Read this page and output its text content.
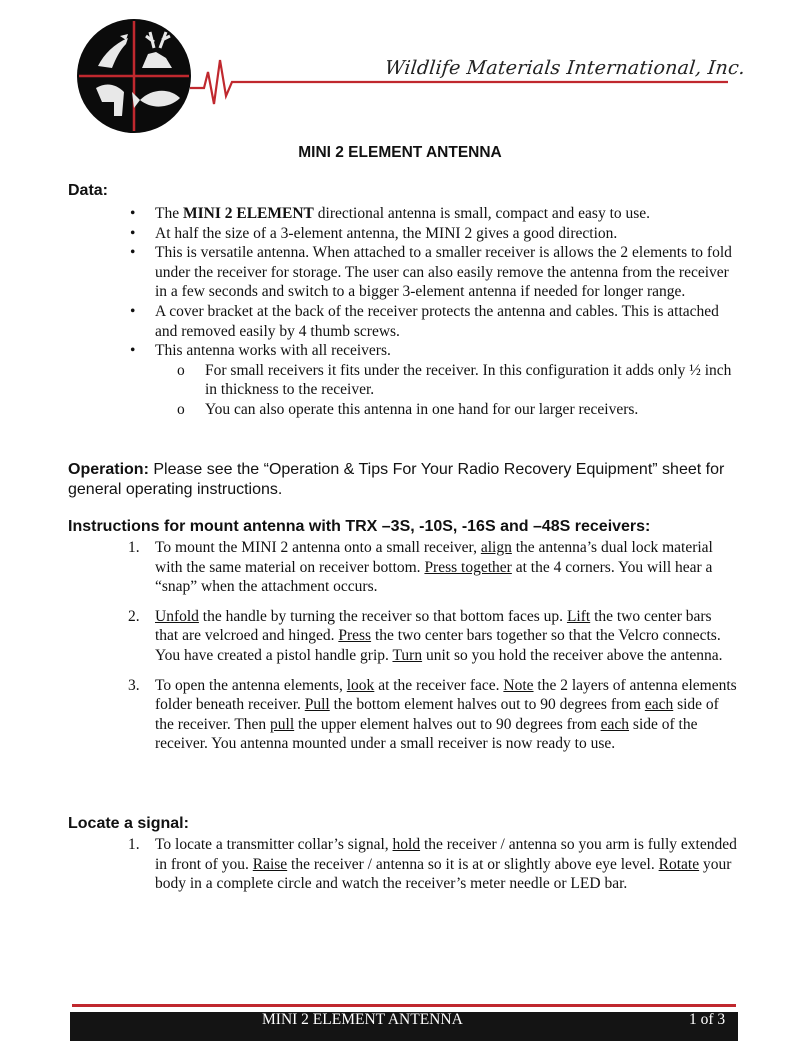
Wildlife Materials International, Inc.
MINI 2 ELEMENT ANTENNA
Data:
• The MINI 2 ELEMENT directional antenna is small, compact and easy to use.
• At half the size of a 3-element antenna, the MINI 2 gives a good direction.
• This is versatile antenna. When attached to a smaller receiver is allows the 2 elements to fold under the receiver for storage. The user can also easily remove the antenna from the receiver in a few seconds and switch to a bigger 3-element antenna if needed for longer range.
• A cover bracket at the back of the receiver protects the antenna and cables. This is attached and removed easily by 4 thumb screws.
• This antenna works with all receivers.
o For small receivers it fits under the receiver. In this configuration it adds only ½ inch in thickness to the receiver.
o You can also operate this antenna in one hand for our larger receivers.
Operation: Please see the “Operation & Tips For Your Radio Recovery Equipment” sheet for general operating instructions.
Instructions for mount antenna with TRX –3S, -10S, -16S and –48S receivers:
1. To mount the MINI 2 antenna onto a small receiver, align the antenna’s dual lock material with the same material on receiver bottom. Press together at the 4 corners. You will hear a “snap” when the attachment occurs.
2. Unfold the handle by turning the receiver so that bottom faces up. Lift the two center bars that are velcroed and hinged. Press the two center bars together so that the Velcro connects. You have created a pistol handle grip. Turn unit so you hold the receiver above the antenna.
3. To open the antenna elements, look at the receiver face. Note the 2 layers of antenna elements folder beneath receiver. Pull the bottom element halves out to 90 degrees from each side of the receiver. Then pull the upper element halves out to 90 degrees from each side of the receiver. You antenna mounted under a small receiver is now ready to use.
Locate a signal:
1. To locate a transmitter collar’s signal, hold the receiver / antenna so you arm is fully extended in front of you. Raise the receiver / antenna so it is at or slightly above eye level. Rotate your body in a complete circle and watch the receiver’s meter needle or LED bar.
MINI 2 ELEMENT ANTENNA	1 of 3
